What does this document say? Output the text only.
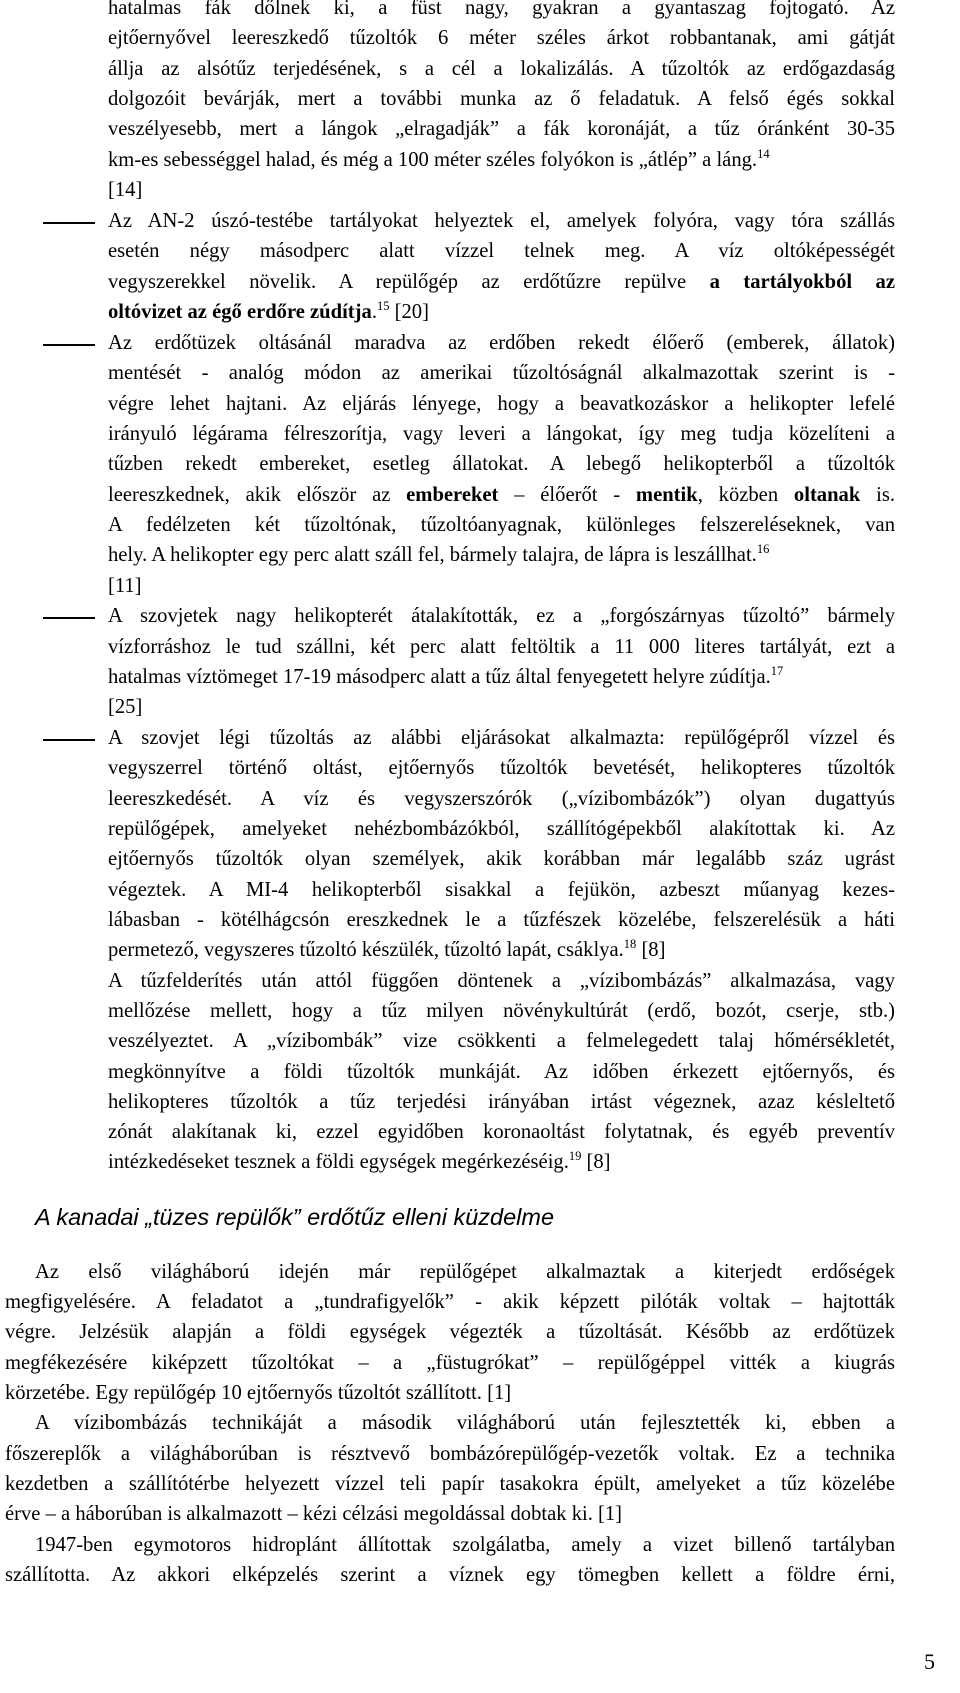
hatalmas fák dőlnek ki, a füst nagy, gyakran a gyantaszag fojtogató. Az
ejtőernyővel leereszkedő tűzoltók 6 méter széles árkot robbantanak, ami gátját
állja az alsótűz terjedésének, s a cél a lokalizálás. A tűzoltók az erdőgazdaság
dolgozóit bevárják, mert a további munka az ő feladatuk. A felső égés sokkal
veszélyesebb, mert a lángok „elragadják” a fák koronáját, a tűz óránként 30-35
km-es sebességgel halad, és még a 100 méter széles folyókon is „átlép” a láng.$^{14}$
[14]
Az AN-2 úszó-testébe tartályokat helyeztek el, amelyek folyóra, vagy tóra szállás
esetén négy másodperc alatt vízzel telnek meg. A víz oltóképességét
vegyszerekkel növelik. A repülőgép az erdőtűzre repülve a tartályokból az
oltóvizet az égő erdőre zúdítja.$^{15}$ [20]
Az erdőtüzek oltásánál maradva az erdőben rekedt élőerő (emberek, állatok)
mentését - analóg módon az amerikai tűzoltóságnál alkalmazottak szerint is -
végre lehet hajtani. Az eljárás lényege, hogy a beavatkozáskor a helikopter lefelé
irányuló légárama félreszorítja, vagy leveri a lángokat, így meg tudja közelíteni a
tűzben rekedt embereket, esetleg állatokat. A lebegő helikopterből a tűzoltók
leereszkednek, akik először az embereket – élőerőt - mentik, közben oltanak is.
A fedélzeten két tűzoltónak, tűzoltóanyagnak, különleges felszereléseknek, van
hely. A helikopter egy perc alatt száll fel, bármely talajra, de lápra is leszállhat.$^{16}$
[11]
A szovjetek nagy helikopterét átalakították, ez a „forgószárnyas tűzoltó” bármely
vízforráshoz le tud szállni, két perc alatt feltöltik a 11 000 literes tartályát, ezt a
hatalmas víztömeget 17-19 másodperc alatt a tűz által fenyegetett helyre zúdítja.$^{17}$
[25]
A szovjet légi tűzoltás az alábbi eljárásokat alkalmazta: repülőgépről vízzel és
vegyszerrel történő oltást, ejtőernyős tűzoltók bevetését, helikopteres tűzoltók
leereszkedését. A víz és vegyszerszórók („vízibombázók”) olyan dugattyús
repülőgépek, amelyeket nehézbombázókból, szállítógépekből alakítottak ki. Az
ejtőernyős tűzoltók olyan személyek, akik korábban már legalább száz ugrást
végeztek. A MI-4 helikopterből sisakkal a fejükön, azbeszt műanyag kezes-
lábasban - kötélhágcsón ereszkednek le a tűzfészek közelébe, felszerelésük a háti
permetező, vegyszeres tűzoltó készülék, tűzoltó lapát, csáklya.$^{18}$ [8]
A tűzfelderítés után attól függően döntenek a „vízibombázás” alkalmazása, vagy
mellőzése mellett, hogy a tűz milyen növénykultúrát (erdő, bozót, cserje, stb.)
veszélyeztet. A „vízibombák” vize csökkenti a felmelegedett talaj hőmérsékletét,
megkönnyítve a földi tűzoltók munkáját. Az időben érkezett ejtőernyős, és
helikopteres tűzoltók a tűz terjedési irányában irtást végeznek, azaz késleltető
zónát alakítanak ki, ezzel egyidőben koronaoltást folytatnak, és egyéb preventív
intézkedéseket tesznek a földi egységek megérkezéséig.$^{19}$ [8]
A kanadai „tüzes repülők” erdőtűz elleni küzdelme
Az első világháború idején már repülőgépet alkalmaztak a kiterjedt erdőségek
megfigyelésére. A feladatot a „tundrafigyelők” - akik képzett pilóták voltak – hajtották
végre. Jelzésük alapján a földi egységek végezték a tűzoltását. Később az erdőtüzek
megfékezésére kiképzett tűzoltókat – a „füstugrókat” – repülőgéppel vitték a kiugrás
körzetébe. Egy repülőgép 10 ejtőernyős tűzoltót szállított. [1]
A vízibombázás technikáját a második világháború után fejlesztették ki, ebben a
főszereplők a világháborúban is résztvevő bombázórepülőgép-vezetők voltak. Ez a technika
kezdetben a szállítótérbe helyezett vízzel teli papír tasakokra épült, amelyeket a tűz közelébe
érve – a háborúban is alkalmazott – kézi célzási megoldással dobtak ki. [1]
1947-ben egymotoros hidroplánt állítottak szolgálatba, amely a vizet billenő tartályban
szállította. Az akkori elképzelés szerint a víznek egy tömegben kellett a földre érni,
5
